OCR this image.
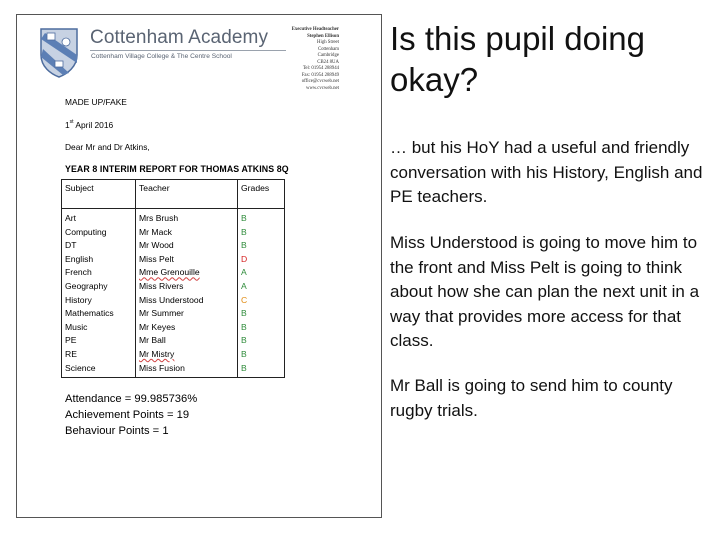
Cottenham Academy
Cottenham Village College & The Centre School
Executive Headteacher
Stephen Ellison
High Street
Cottenham
Cambridge
CB24 8UA
Tel: 01954 288944
Fax: 01954 288949
office@cvcweb.net
www.cvcweb.net
MADE UP/FAKE
1st April 2016
Dear Mr and Dr Atkins,
YEAR 8 INTERIM REPORT FOR THOMAS ATKINS 8Q
Subject	Teacher	Grades
Art	Mrs Brush	B
Computing	Mr Mack	B
DT	Mr Wood	B
English	Miss Pelt	D
French	Mme Grenouille	A
Geography	Miss Rivers	A
History	Miss Understood	C
Mathematics	Mr Summer	B
Music	Mr Keyes	B
PE	Mr Ball	B
RE	Mr Mistry	B
Science	Miss Fusion	B
Attendance = 99.985736%
Achievement Points = 19
Behaviour Points = 1
Is this pupil doing okay?
… but his HoY had a useful and friendly conversation with his History, English and PE teachers.
Miss Understood is going to move him to the front and Miss Pelt is going to think about how she can plan the next unit in a way that provides more access for that class.
Mr Ball is going to send him to county rugby trials.
